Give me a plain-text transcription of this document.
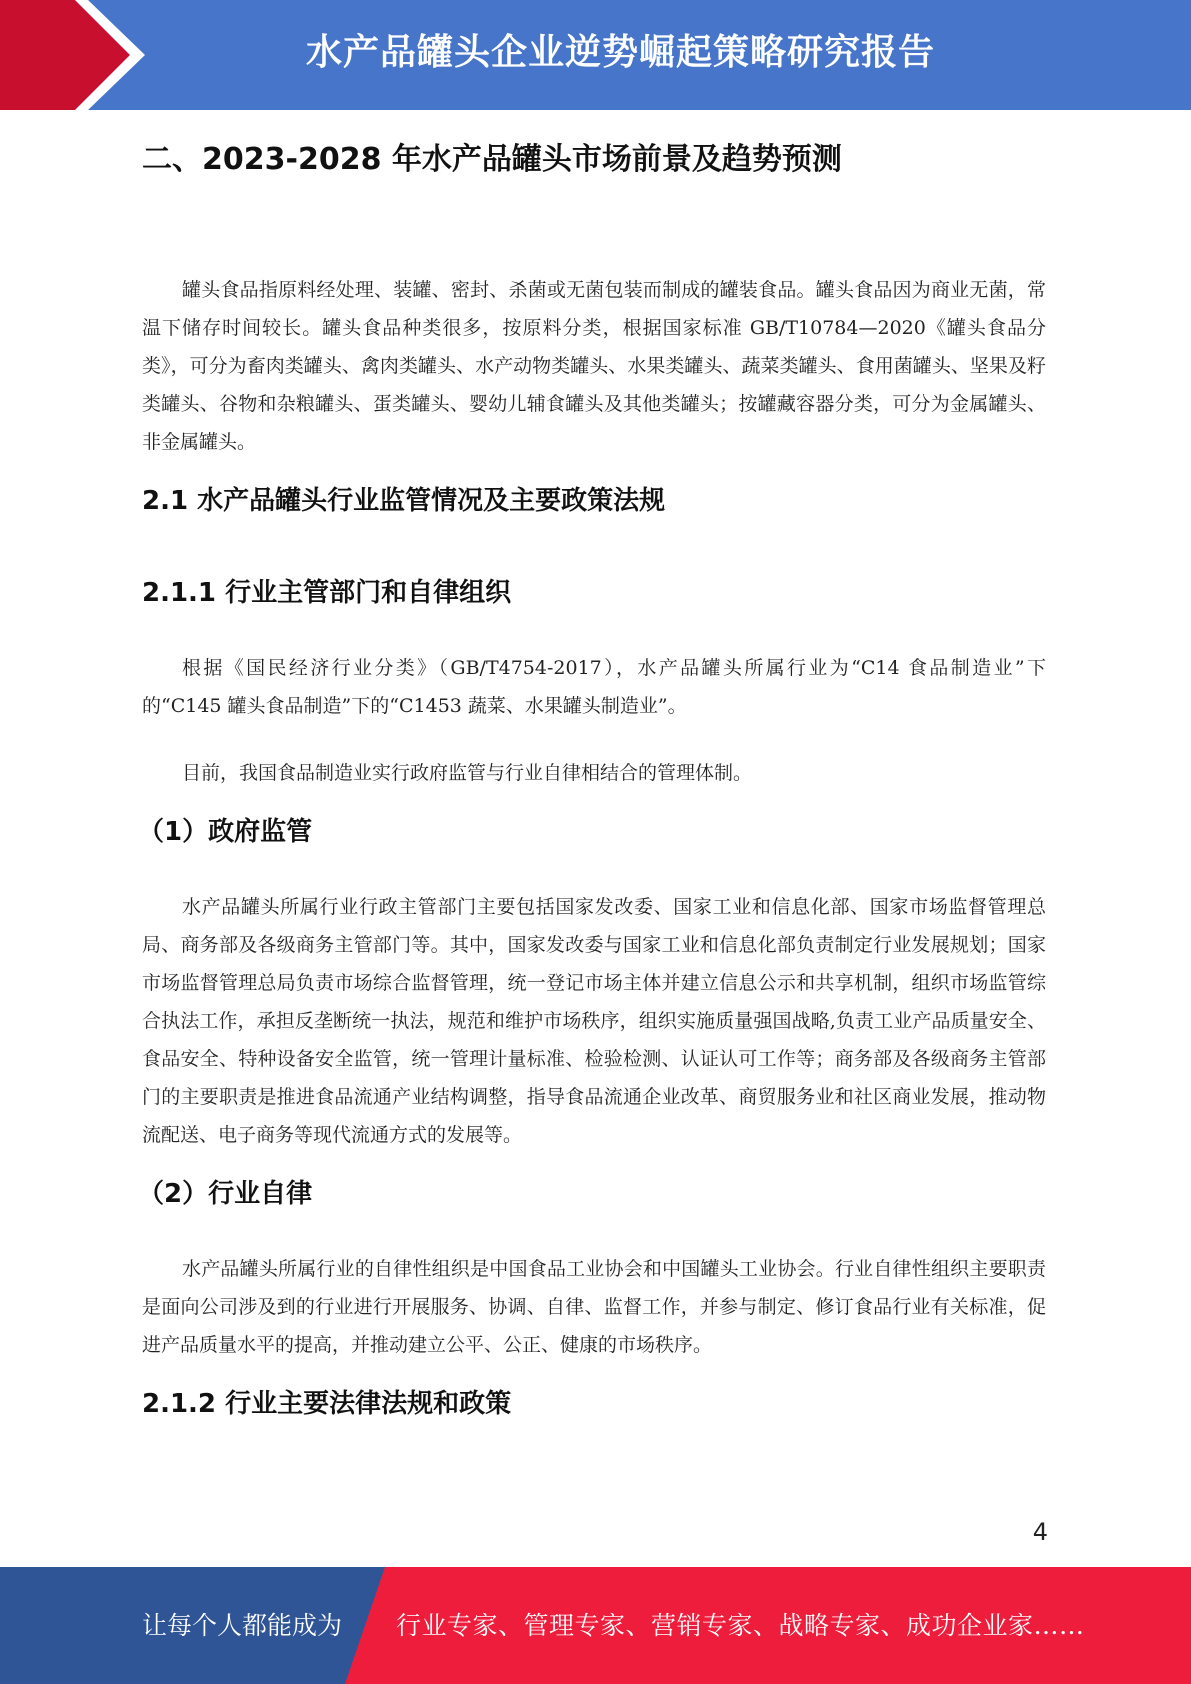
水产品罐头企业逆势崛起策略研究报告
二、2023-2028 年水产品罐头市场前景及趋势预测

罐头食品指原料经处理、装罐、密封、杀菌或无菌包装而制成的罐装食品。罐头食品因为商业无菌，常温下储存时间较长。罐头食品种类很多，按原料分类，根据国家标准 GB/T10784—2020《罐头食品分类》，可分为畜肉类罐头、禽肉类罐头、水产动物类罐头、水果类罐头、蔬菜类罐头、食用菌罐头、坚果及籽类罐头、谷物和杂粮罐头、蛋类罐头、婴幼儿辅食罐头及其他类罐头；按罐藏容器分类，可分为金属罐头、非金属罐头。

2.1 水产品罐头行业监管情况及主要政策法规
2.1.1 行业主管部门和自律组织

根据《国民经济行业分类》（GB/T4754-2017），水产品罐头所属行业为“C14 食品制造业”下的“C145 罐头食品制造”下的“C1453 蔬菜、水果罐头制造业”。

目前，我国食品制造业实行政府监管与行业自律相结合的管理体制。

（1）政府监管

水产品罐头所属行业行政主管部门主要包括国家发改委、国家工业和信息化部、国家市场监督管理总局、商务部及各级商务主管部门等。其中，国家发改委与国家工业和信息化部负责制定行业发展规划；国家市场监督管理总局负责市场综合监督管理，统一登记市场主体并建立信息公示和共享机制，组织市场监管综合执法工作，承担反垄断统一执法，规范和维护市场秩序，组织实施质量强国战略,负责工业产品质量安全、食品安全、特种设备安全监管，统一管理计量标准、检验检测、认证认可工作等；商务部及各级商务主管部门的主要职责是推进食品流通产业结构调整，指导食品流通企业改革、商贸服务业和社区商业发展，推动物流配送、电子商务等现代流通方式的发展等。

（2）行业自律

水产品罐头所属行业的自律性组织是中国食品工业协会和中国罐头工业协会。行业自律性组织主要职责是面向公司涉及到的行业进行开展服务、协调、自律、监督工作，并参与制定、修订食品行业有关标准，促进产品质量水平的提高，并推动建立公平、公正、健康的市场秩序。

2.1.2 行业主要法律法规和政策
4
让每个人都能成为 行业专家、管理专家、营销专家、战略专家、成功企业家……
